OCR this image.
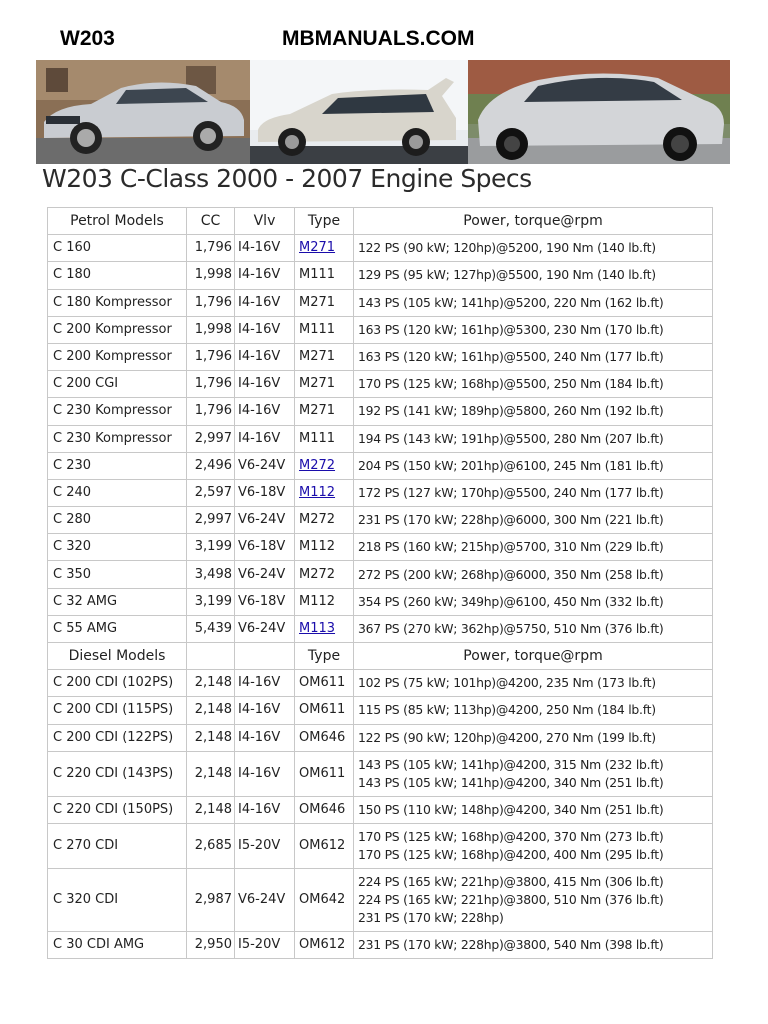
W203	MBMANUALS.COM
W203 C-Class 2000 - 2007 Engine Specs
Petrol Models	CC	Vlv	Type	Power, torque@rpm
C 160	1,796	I4-16V	M271	122 PS (90 kW; 120hp)@5200, 190 Nm (140 lb.ft)

C 180	1,998	I4-16V	M111	129 PS (95 kW; 127hp)@5500, 190 Nm (140 lb.ft)

C 180 Kompressor	1,796	I4-16V	M271	143 PS (105 kW; 141hp)@5200, 220 Nm (162 lb.ft)

C 200 Kompressor	1,998	I4-16V	M111	163 PS (120 kW; 161hp)@5300, 230 Nm (170 lb.ft)

C 200 Kompressor	1,796	I4-16V	M271	163 PS (120 kW; 161hp)@5500, 240 Nm (177 lb.ft)

C 200 CGI	1,796	I4-16V	M271	170 PS (125 kW; 168hp)@5500, 250 Nm (184 lb.ft)

C 230 Kompressor	1,796	I4-16V	M271	192 PS (141 kW; 189hp)@5800, 260 Nm (192 lb.ft)

C 230 Kompressor	2,997	I4-16V	M111	194 PS (143 kW; 191hp)@5500, 280 Nm (207 lb.ft)

C 230	2,496	V6-24V	M272	204 PS (150 kW; 201hp)@6100, 245 Nm (181 lb.ft)

C 240	2,597	V6-18V	M112	172 PS (127 kW; 170hp)@5500, 240 Nm (177 lb.ft)

C 280	2,997	V6-24V	M272	231 PS (170 kW; 228hp)@6000, 300 Nm (221 lb.ft)

C 320	3,199	V6-18V	M112	218 PS (160 kW; 215hp)@5700, 310 Nm (229 lb.ft)

C 350	3,498	V6-24V	M272	272 PS (200 kW; 268hp)@6000, 350 Nm (258 lb.ft)

C 32 AMG	3,199	V6-18V	M112	354 PS (260 kW; 349hp)@6100, 450 Nm (332 lb.ft)

C 55 AMG	5,439	V6-24V	M113	367 PS (270 kW; 362hp)@5750, 510 Nm (376 lb.ft)

Diesel Models			Type	Power, torque@rpm
C 200 CDI (102PS)	2,148	I4-16V	OM611	102 PS (75 kW; 101hp)@4200, 235 Nm (173 lb.ft)

C 200 CDI (115PS)	2,148	I4-16V	OM611	115 PS (85 kW; 113hp)@4200, 250 Nm (184 lb.ft)

C 200 CDI (122PS)	2,148	I4-16V	OM646	122 PS (90 kW; 120hp)@4200, 270 Nm (199 lb.ft)

C 220 CDI (143PS)	2,148	I4-16V	OM611	143 PS (105 kW; 141hp)@4200, 315 Nm (232 lb.ft)
143 PS (105 kW; 141hp)@4200, 340 Nm (251 lb.ft)

C 220 CDI (150PS)	2,148	I4-16V	OM646	150 PS (110 kW; 148hp)@4200, 340 Nm (251 lb.ft)

C 270 CDI	2,685	I5-20V	OM612	170 PS (125 kW; 168hp)@4200, 370 Nm (273 lb.ft)
170 PS (125 kW; 168hp)@4200, 400 Nm (295 lb.ft)

C 320 CDI	2,987	V6-24V	OM642	224 PS (165 kW; 221hp)@3800, 415 Nm (306 lb.ft)
224 PS (165 kW; 221hp)@3800, 510 Nm (376 lb.ft)
231 PS (170 kW; 228hp)

C 30 CDI AMG	2,950	I5-20V	OM612	231 PS (170 kW; 228hp)@3800, 540 Nm (398 lb.ft)
